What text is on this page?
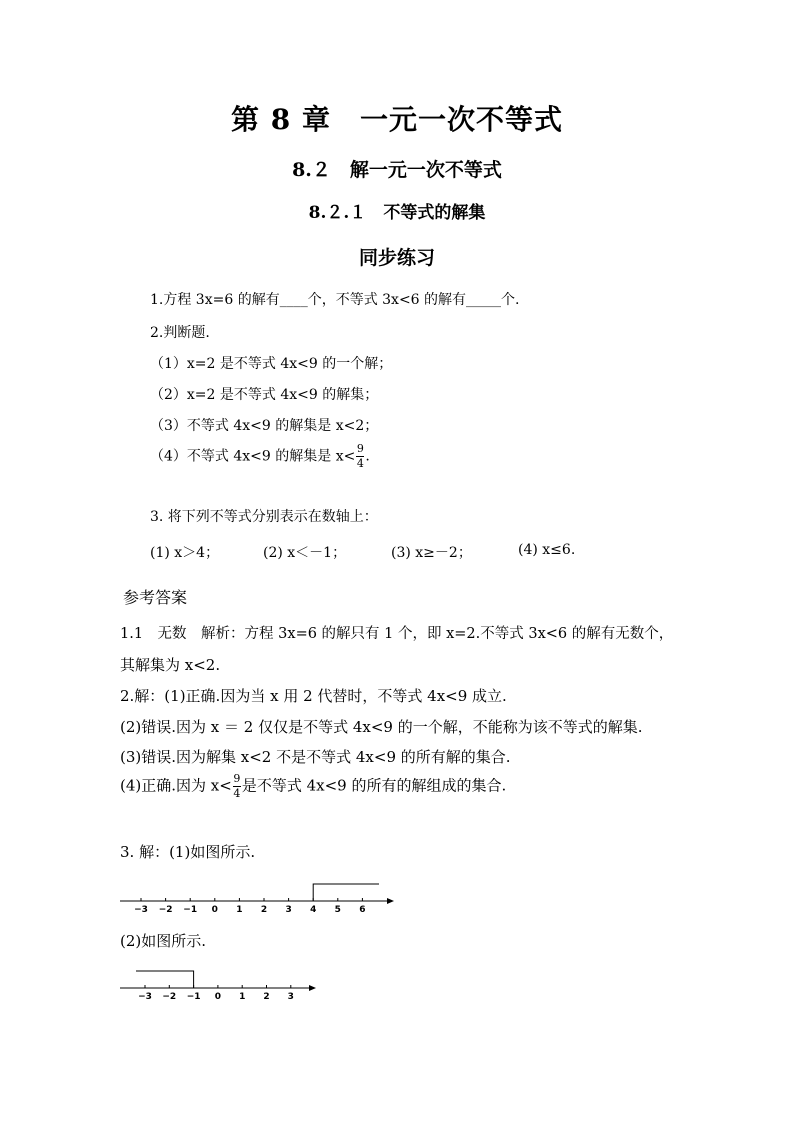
第 8 章　一元一次不等式
8.２　解一元一次不等式
8.２.１　不等式的解集
同步练习
1.方程 3x=6 的解有____个，不等式 3x<6 的解有_____个.
2.判断题.
（1）x=2 是不等式 4x<9 的一个解；
（2）x=2 是不等式 4x<9 的解集；
（3）不等式 4x<9 的解集是 x<2；
（4）不等式 4x<9 的解集是 $x< \frac{9}{4}$ .
3. 将下列不等式分别表示在数轴上：
(1) x＞4；	(2) x＜－1；	(3) x≥－2；	(4) x≤6.
参考答案
1.1　无数　解析：方程 3x=6 的解只有 1 个，即 x=2.不等式 3x<6 的解有无数个，
其解集为 x<2.
2.解：(1)正确.因为当 x 用 2 代替时，不等式 4x<9 成立.
(2)错误.因为 x ＝ 2 仅仅是不等式 4x<9 的一个解，不能称为该不等式的解集.
(3)错误.因为解集 x<2 不是不等式 4x<9 的所有解的集合.
(4)正确.因为 $x< \frac{9}{4}$ 是不等式 4x<9 的所有的解组成的集合.
3. 解：(1)如图所示.
−3 −2 −1 0 1 2 3 4 5 6
−3 −2 −1 0 1 2 3
(2)如图所示.
